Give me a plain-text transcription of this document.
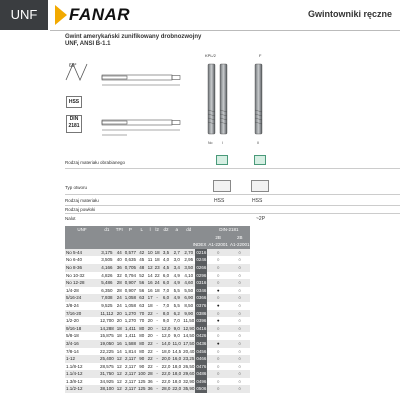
UNF	FANAR	Gwintowniki ręczne
Gwint amerykański zunifikowany drobnozwojny UNF, ANSI B-1.1
60°
HSS
DIN 2181
KPL/2	F
No	I	II
Rodzaj materiału obrabianego
Typ otworu
Rodzaj materiału	HSS	HSS
Rodzaj powłoki
Nalot	~2P
UNF	d1	TPI	P	L	l	l2	d2	a	dd		DIN-2181	
											2B	2B
INDEX											A1-22001	A1-22001
No 5-44	3,175	44	0,577	42	10	18	3,5	2,7	2,70	0216	○	○
No 6-40	3,505	40	0,635	45	11	18	4,0	3,0	2,95	0246	○	○
No 8-36	4,166	36	0,705	48	12	23	4,5	3,4	3,50	0266	○	○
No 10-32	4,826	32	0,794	52	14	22	6,0	4,9	4,10	0296	○	○
No 12-28	5,486	28	0,907	56	16	24	6,0	4,9	4,60	0316	○	○
1/4-28	6,350	28	0,907	56	16	18	7,0	5,5	5,50	0346	●	○
5/16-24	7,938	24	1,058	63	17	-	6,0	4,9	6,90	0366	○	○
3/8-24	9,525	24	1,058	63	18	-	7,0	5,5	8,50	0376	●	○
7/16-20	11,112	20	1,270	70	22	-	8,0	6,2	9,90	0386	○	○
1/2-20	12,700	20	1,270	70	20	-	9,0	7,0	11,50	0396	●	○
9/16-18	14,288	18	1,411	80	20	-	12,0	9,0	12,90	0416	○	○
5/8-18	15,875	18	1,411	80	20	-	12,0	9,0	14,50	0426	○	○
3/4-16	19,050	16	1,588	80	22	-	14,0	11,0	17,50	0436	●	○
7/8-14	22,225	14	1,814	80	22	-	18,0	14,5	20,40	0456	○	○
1-12	25,400	12	2,117	90	22	-	20,0	16,0	23,25	0466	○	○
1.1/8-12	28,575	12	2,117	90	22	-	22,0	18,0	26,50	0476	○	○
1.1/4-12	31,750	12	2,117	100	28	-	22,0	18,0	29,60	0486	○	○
1.3/8-12	34,925	12	2,117	125	36	-	22,0	18,0	32,90	0496	○	○
1.1/2-12	38,100	12	2,117	125	36	-	28,0	22,0	35,90	0506	○	○
